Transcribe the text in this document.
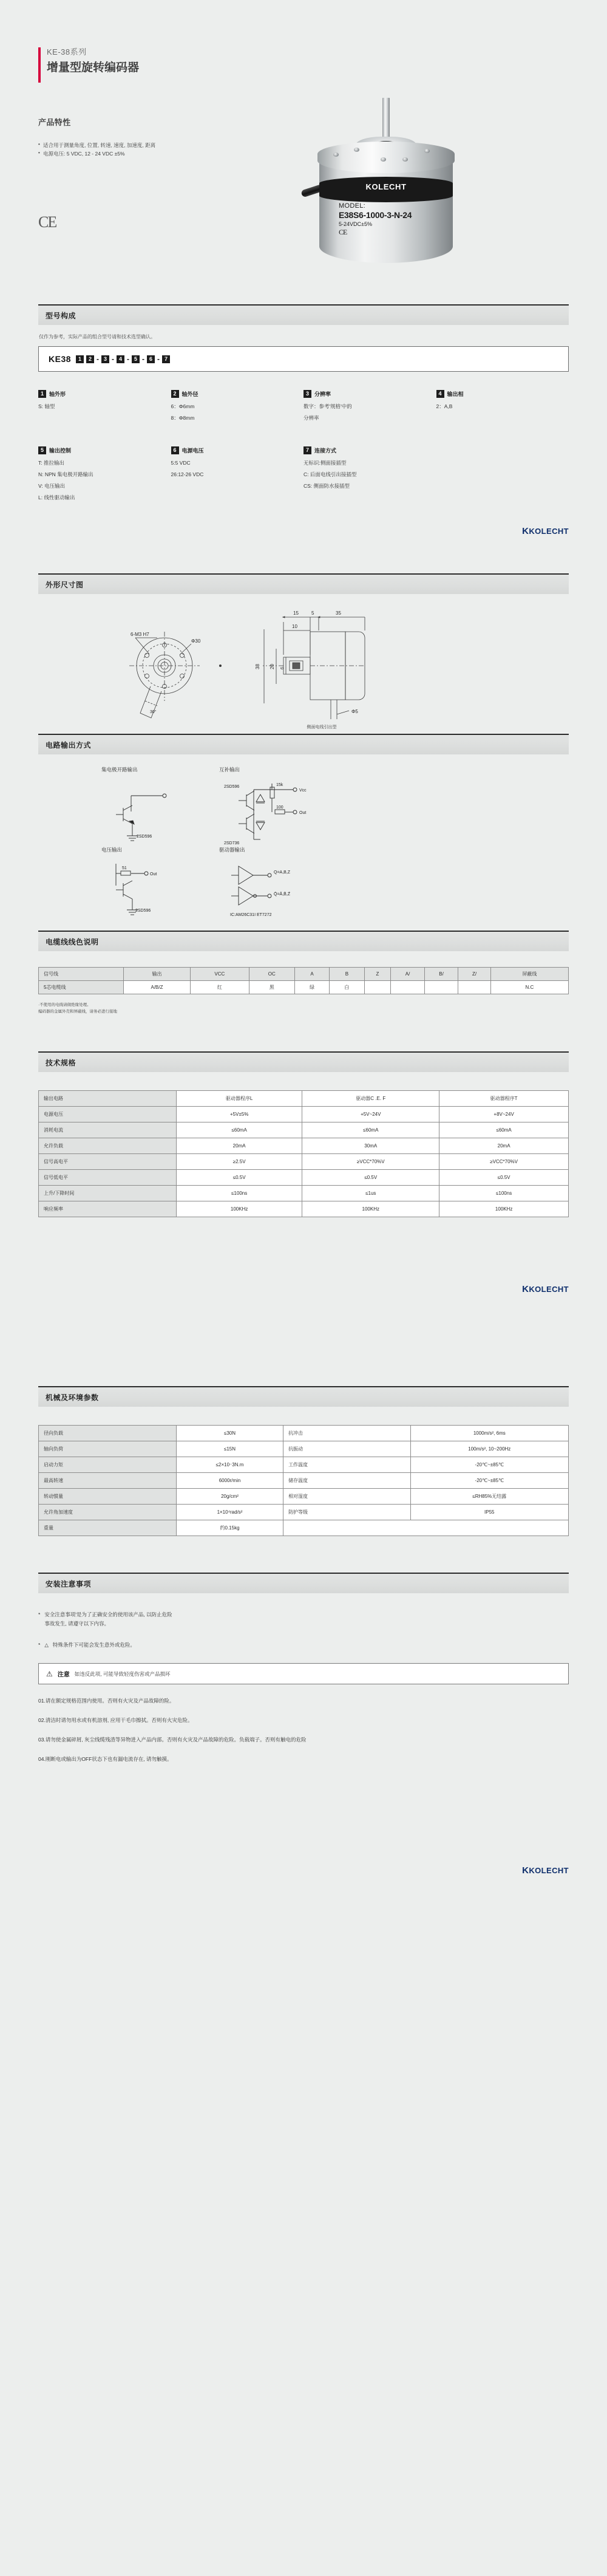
KE-38系列
增量型旋转编码器
产品特性
• 适合用于测量角度, 位置, 转速, 速度, 加速度, 距离
• 电源电压: 5 VDC, 12 - 24 VDC ±5%
CE
KOLECHT
MODEL:
E38S6-1000-3-N-24
5-24VDC±5%
CE
型号构成
仅作为参考，实际产品的组合型号请和技术选型确认。
KE38	1	2 - 3 - 4 - 5 - 6 - 7
1	轴外形

S: 轴型

2	轴外径

6：Φ6mm

8：Φ8mm

3	分辨率

数字：参考'规格'中的

分辨率

4	输出相

2：A,B

5	输出控制

T: 推拉输出

N: NPN 集电极开路输出

V: 电压输出

L: 线性驱动输出

6	电源电压

5:5 VDC

26:12-26 VDC

7	连接方式

无标识:侧面接插型

C: 后面电线引出接插型

CS: 侧面防水接插型

KKOLECHT
外形尺寸图
6-M3 H7
Φ30
30°
15	5	35
10
38 20 6
Φ5
侧面电线引出型
电路输出方式
集电极开路输出	互补输出
电压输出	驱动器输出
2SD596
2SD596
2SD736
15k
100
Vcc
Out
2SD596
51
Out	Q=A,B,Z
Q̄=Ā,B̄,Z̄
IC:AM26C31I ET7272
电缆线线色说明
信号线	输出	VCC	OC	A	B	Z	A/	B/	Z/	屏蔽线
5芯电缆线	A/B/Z	红	黑	绿	白					N.C
·不使用的电线请做绝缘处理。
编码器的金属外壳和屏蔽线，请务必进行接地
技术规格
输出电路	驱动器程序L	驱动器C .E. F	驱动器程序T
电源电压	+5V±5%	+5V~24V	+8V~24V
消耗电流	≤60mA	≤60mA	≤60mA
允许负载	20mA	30mA	20mA
信号高电平	≥2.5V	≥VCC*70%V	≥VCC*70%V
信号低电平	≤0.5V	≤0.5V	≤0.5V
上升/下降时间	≤100ns	≤1us	≤100ns
响应频率	100KHz	100KHz	100KHz
KKOLECHT
机械及环境参数
径向负载	≤30N	抗冲击	1000m/s², 6ms
轴向负荷	≤15N	抗振动	100m/s², 10~200Hz
启动力矩	≤2×10⁻3N.m	工作温度	-20℃~±85℃
最高转速	6000r/min	储存温度	-20℃~±85℃
转动惯量	20g/cm²	相对湿度	≤RH85%无结露
允许角加速度	1×10⁴rad/s²	防护等级	IP55
重量	约0.15kg		
安装注意事项
* 安全注意事项'是为了正确安全的使用该产品, 以防止危险
事故发生, 请遵守以下内容。
* △ 特殊条件下可能会发生意外或危险。
⚠ 注意 如违反此项, 可能导致轻度伤害或产品损坏

01.请在额定规格范围内使用。否则有火灾及产品故障的险。

02.清洁时请勿用水或有机溶剂, 应用干毛巾擦拭。否则有火灾危险。

03.请勿使金属碎屑, 灰尘线缆残渣等异物进入产品内部。否则有火灾及产品故障的危险。负载端子。否则有触电的危险

04.刚断电或输出为OFF状态下也有漏电流存在, 请勿触摸。

KKOLECHT
